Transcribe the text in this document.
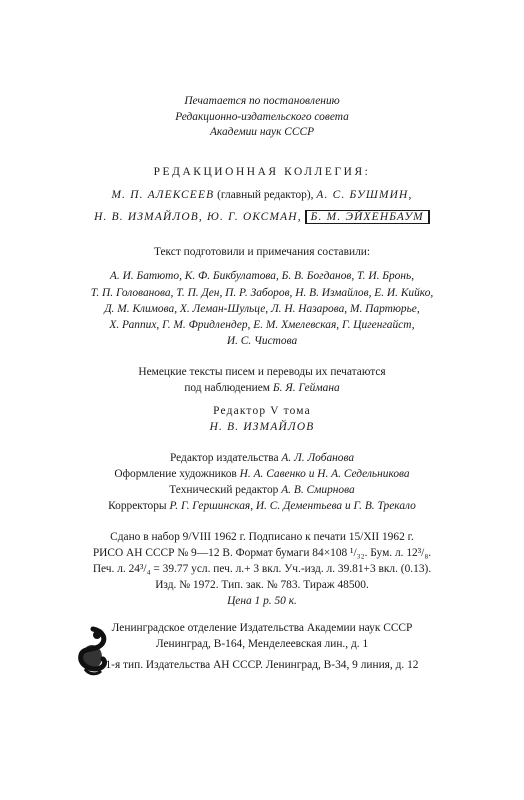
Печатается по постановлению
Редакционно-издательского совета
Академии наук СССР
РЕДАКЦИОННАЯ КОЛЛЕГИЯ:
М. П. АЛЕКСЕЕВ (главный редактор), А. С. БУШМИН,
Н. В. ИЗМАЙЛОВ, Ю. Г. ОКСМАН, Б. М. ЭЙХЕНБАУМ
Текст подготовили и примечания составили:
А. И. Батюто, К. Ф. Бикбулатова, Б. В. Богданов, Т. И. Бронь,
Т. П. Голованова, Т. П. Ден, П. Р. Заборов, Н. В. Измайлов, Е. И. Кийко,
Д. М. Климова, Х. Леман-Шульце, Л. Н. Назарова, М. Партюрье,
Х. Раппих, Г. М. Фридлендер, Е. М. Хмелевская, Г. Цигенгайст,
И. С. Чистова
Немецкие тексты писем и переводы их печатаются
под наблюдением Б. Я. Геймана
Редактор V тома
Н. В. ИЗМАЙЛОВ
Редактор издательства А. Л. Лобанова
Оформление художников Н. А. Савенко и Н. А. Седельникова
Технический редактор А. В. Смирнова
Корректоры Р. Г. Гершинская, И. С. Дементьева и Г. В. Трекало
Сдано в набор 9/VIII 1962 г. Подписано к печати 15/XII 1962 г.
РИСО АН СССР № 9—12 В. Формат бумаги 84×108 ¹/₃₂. Бум. л. 12³/₈.
Печ. л. 24³/₄ = 39.77 усл. печ. л.+ 3 вкл. Уч.-изд. л. 39.81+3 вкл. (0.13).
Изд. № 1972. Тип. зак. № 783. Тираж 48500.
Цена 1 р. 50 к.
Ленинградское отделение Издательства Академии наук СССР
Ленинград, В-164, Менделеевская лин., д. 1
1-я тип. Издательства АН СССР. Ленинград, В-34, 9 линия, д. 12
